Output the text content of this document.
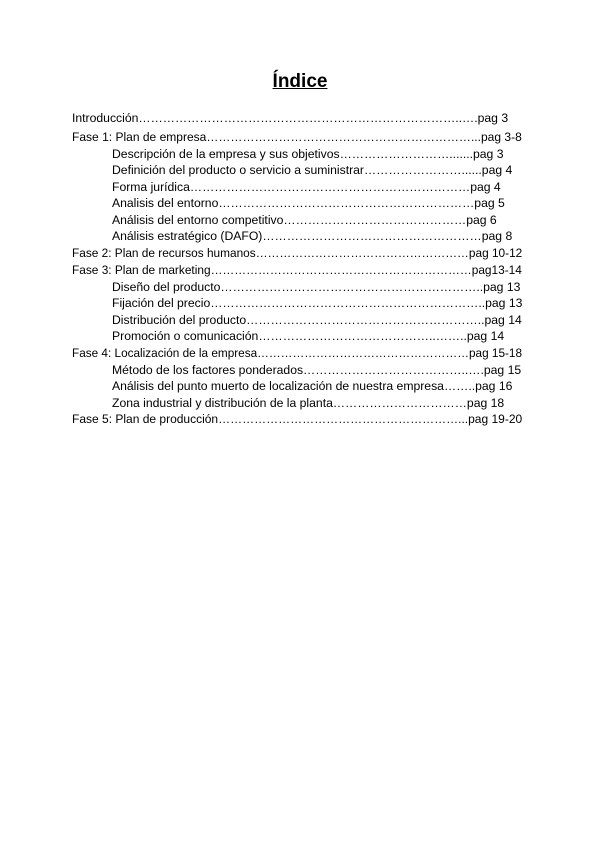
Índice
Introducción……………………………………………………………………..….pag 3
Fase 1: Plan de empresa…………………………………………………………...pag 3-8
Descripción de la empresa y sus objetivos……………………….......pag 3
Definición del producto o servicio a suministrar……………………......pag 4
Forma jurídica……………………………………………………………pag 4
Analisis del entorno………………………………………………………pag 5
Análisis del entorno competitivo………………………………………pag 6
Análisis estratégico (DAFO)………………………………………………pag 8
Fase 2: Plan de recursos humanos………………………………………………pag 10-12
Fase 3: Plan de marketing…………………………………………………………pag13-14
Diseño del producto………………………………………………………..pag 13
Fijación del precio…………………………………………………………..pag 13
Distribución del producto…………………………………………………..pag 14
Promoción o comunicación……………………………………..……..pag 14
Fase 4: Localización de la empresa………………………………………………pag 15-18
Método de los factores ponderados…………………………………..….pag 15
Análisis del punto muerto de localización de nuestra empresa……..pag 16
Zona industrial y distribución de la planta……………………………pag 18
Fase 5: Plan de producción……………………………………………………...pag 19-20
